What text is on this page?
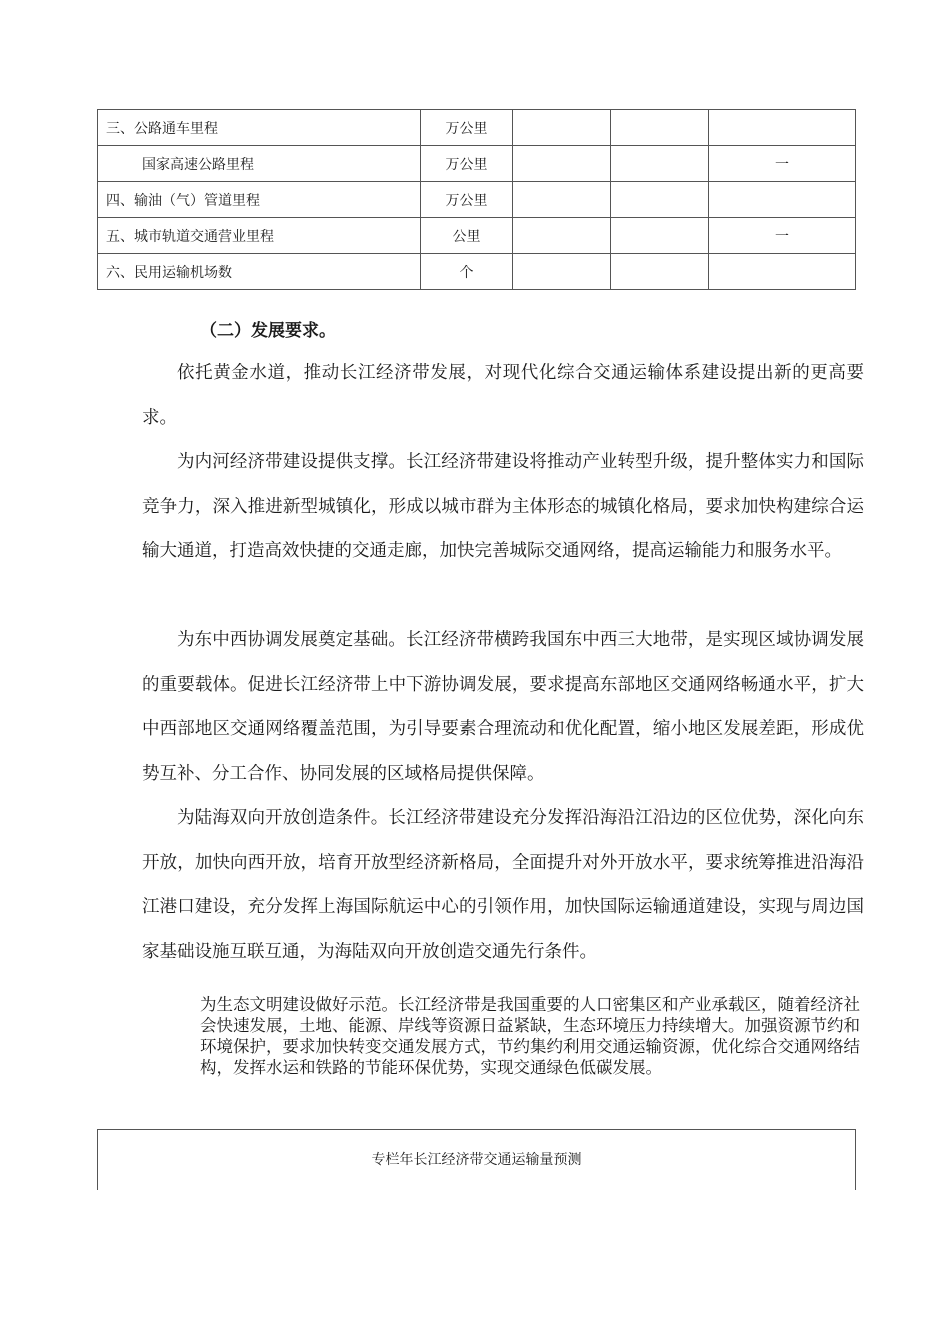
三、公路通车里程	万公里			
国家高速公路里程	万公里			一
四、输油（气）管道里程	万公里			
五、城市轨道交通营业里程	公里			一
六、民用运输机场数	个			
（二）发展要求。

依托黄金水道，推动长江经济带发展，对现代化综合交通运输体系建设提出新的更高要求。

为内河经济带建设提供支撑。长江经济带建设将推动产业转型升级，提升整体实力和国际竞争力，深入推进新型城镇化，形成以城市群为主体形态的城镇化格局，要求加快构建综合运输大通道，打造高效快捷的交通走廊，加快完善城际交通网络，提高运输能力和服务水平。

为东中西协调发展奠定基础。长江经济带横跨我国东中西三大地带，是实现区域协调发展的重要载体。促进长江经济带上中下游协调发展，要求提高东部地区交通网络畅通水平，扩大中西部地区交通网络覆盖范围，为引导要素合理流动和优化配置，缩小地区发展差距，形成优势互补、分工合作、协同发展的区域格局提供保障。

为陆海双向开放创造条件。长江经济带建设充分发挥沿海沿江沿边的区位优势，深化向东开放，加快向西开放，培育开放型经济新格局，全面提升对外开放水平，要求统筹推进沿海沿江港口建设，充分发挥上海国际航运中心的引领作用，加快国际运输通道建设，实现与周边国家基础设施互联互通，为海陆双向开放创造交通先行条件。

为生态文明建设做好示范。长江经济带是我国重要的人口密集区和产业承载区，随着经济社会快速发展，土地、能源、岸线等资源日益紧缺，生态环境压力持续增大。加强资源节约和环境保护，要求加快转变交通发展方式，节约集约利用交通运输资源，优化综合交通网络结构，发挥水运和铁路的节能环保优势，实现交通绿色低碳发展。

专栏年长江经济带交通运输量预测
